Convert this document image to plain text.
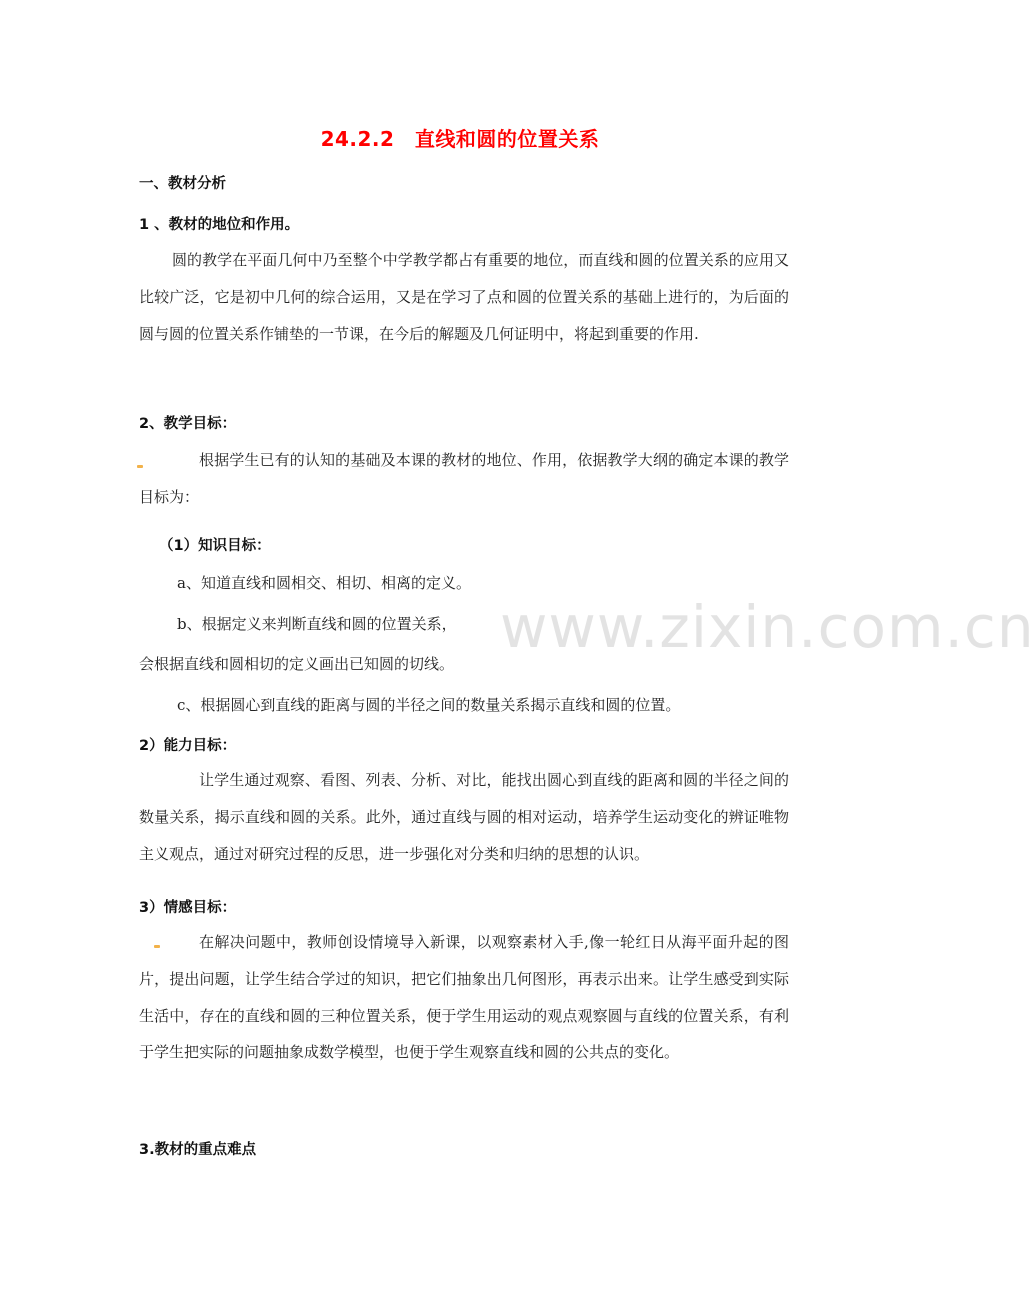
www.zixin.com.cn
24.2.2　直线和圆的位置关系
一、教材分析
1 、教材的地位和作用。
圆的教学在平面几何中乃至整个中学教学都占有重要的地位，而直线和圆的位置关系的应用又比较广泛，它是初中几何的综合运用，又是在学习了点和圆的位置关系的基础上进行的，为后面的圆与圆的位置关系作铺垫的一节课，在今后的解题及几何证明中，将起到重要的作用.
2、教学目标：
根据学生已有的认知的基础及本课的教材的地位、作用，依据教学大纲的确定本课的教学目标为：
（1）知识目标：
a、知道直线和圆相交、相切、相离的定义。
b、根据定义来判断直线和圆的位置关系，
会根据直线和圆相切的定义画出已知圆的切线。
c、根据圆心到直线的距离与圆的半径之间的数量关系揭示直线和圆的位置。
2）能力目标：
让学生通过观察、看图、列表、分析、对比，能找出圆心到直线的距离和圆的半径之间的数量关系，揭示直线和圆的关系。此外，通过直线与圆的相对运动，培养学生运动变化的辨证唯物主义观点，通过对研究过程的反思，进一步强化对分类和归纳的思想的认识。
3）情感目标：
在解决问题中，教师创设情境导入新课，以观察素材入手,像一轮红日从海平面升起的图片，提出问题，让学生结合学过的知识，把它们抽象出几何图形，再表示出来。让学生感受到实际生活中，存在的直线和圆的三种位置关系，便于学生用运动的观点观察圆与直线的位置关系，有利于学生把实际的问题抽象成数学模型，也便于学生观察直线和圆的公共点的变化。
3.教材的重点难点
